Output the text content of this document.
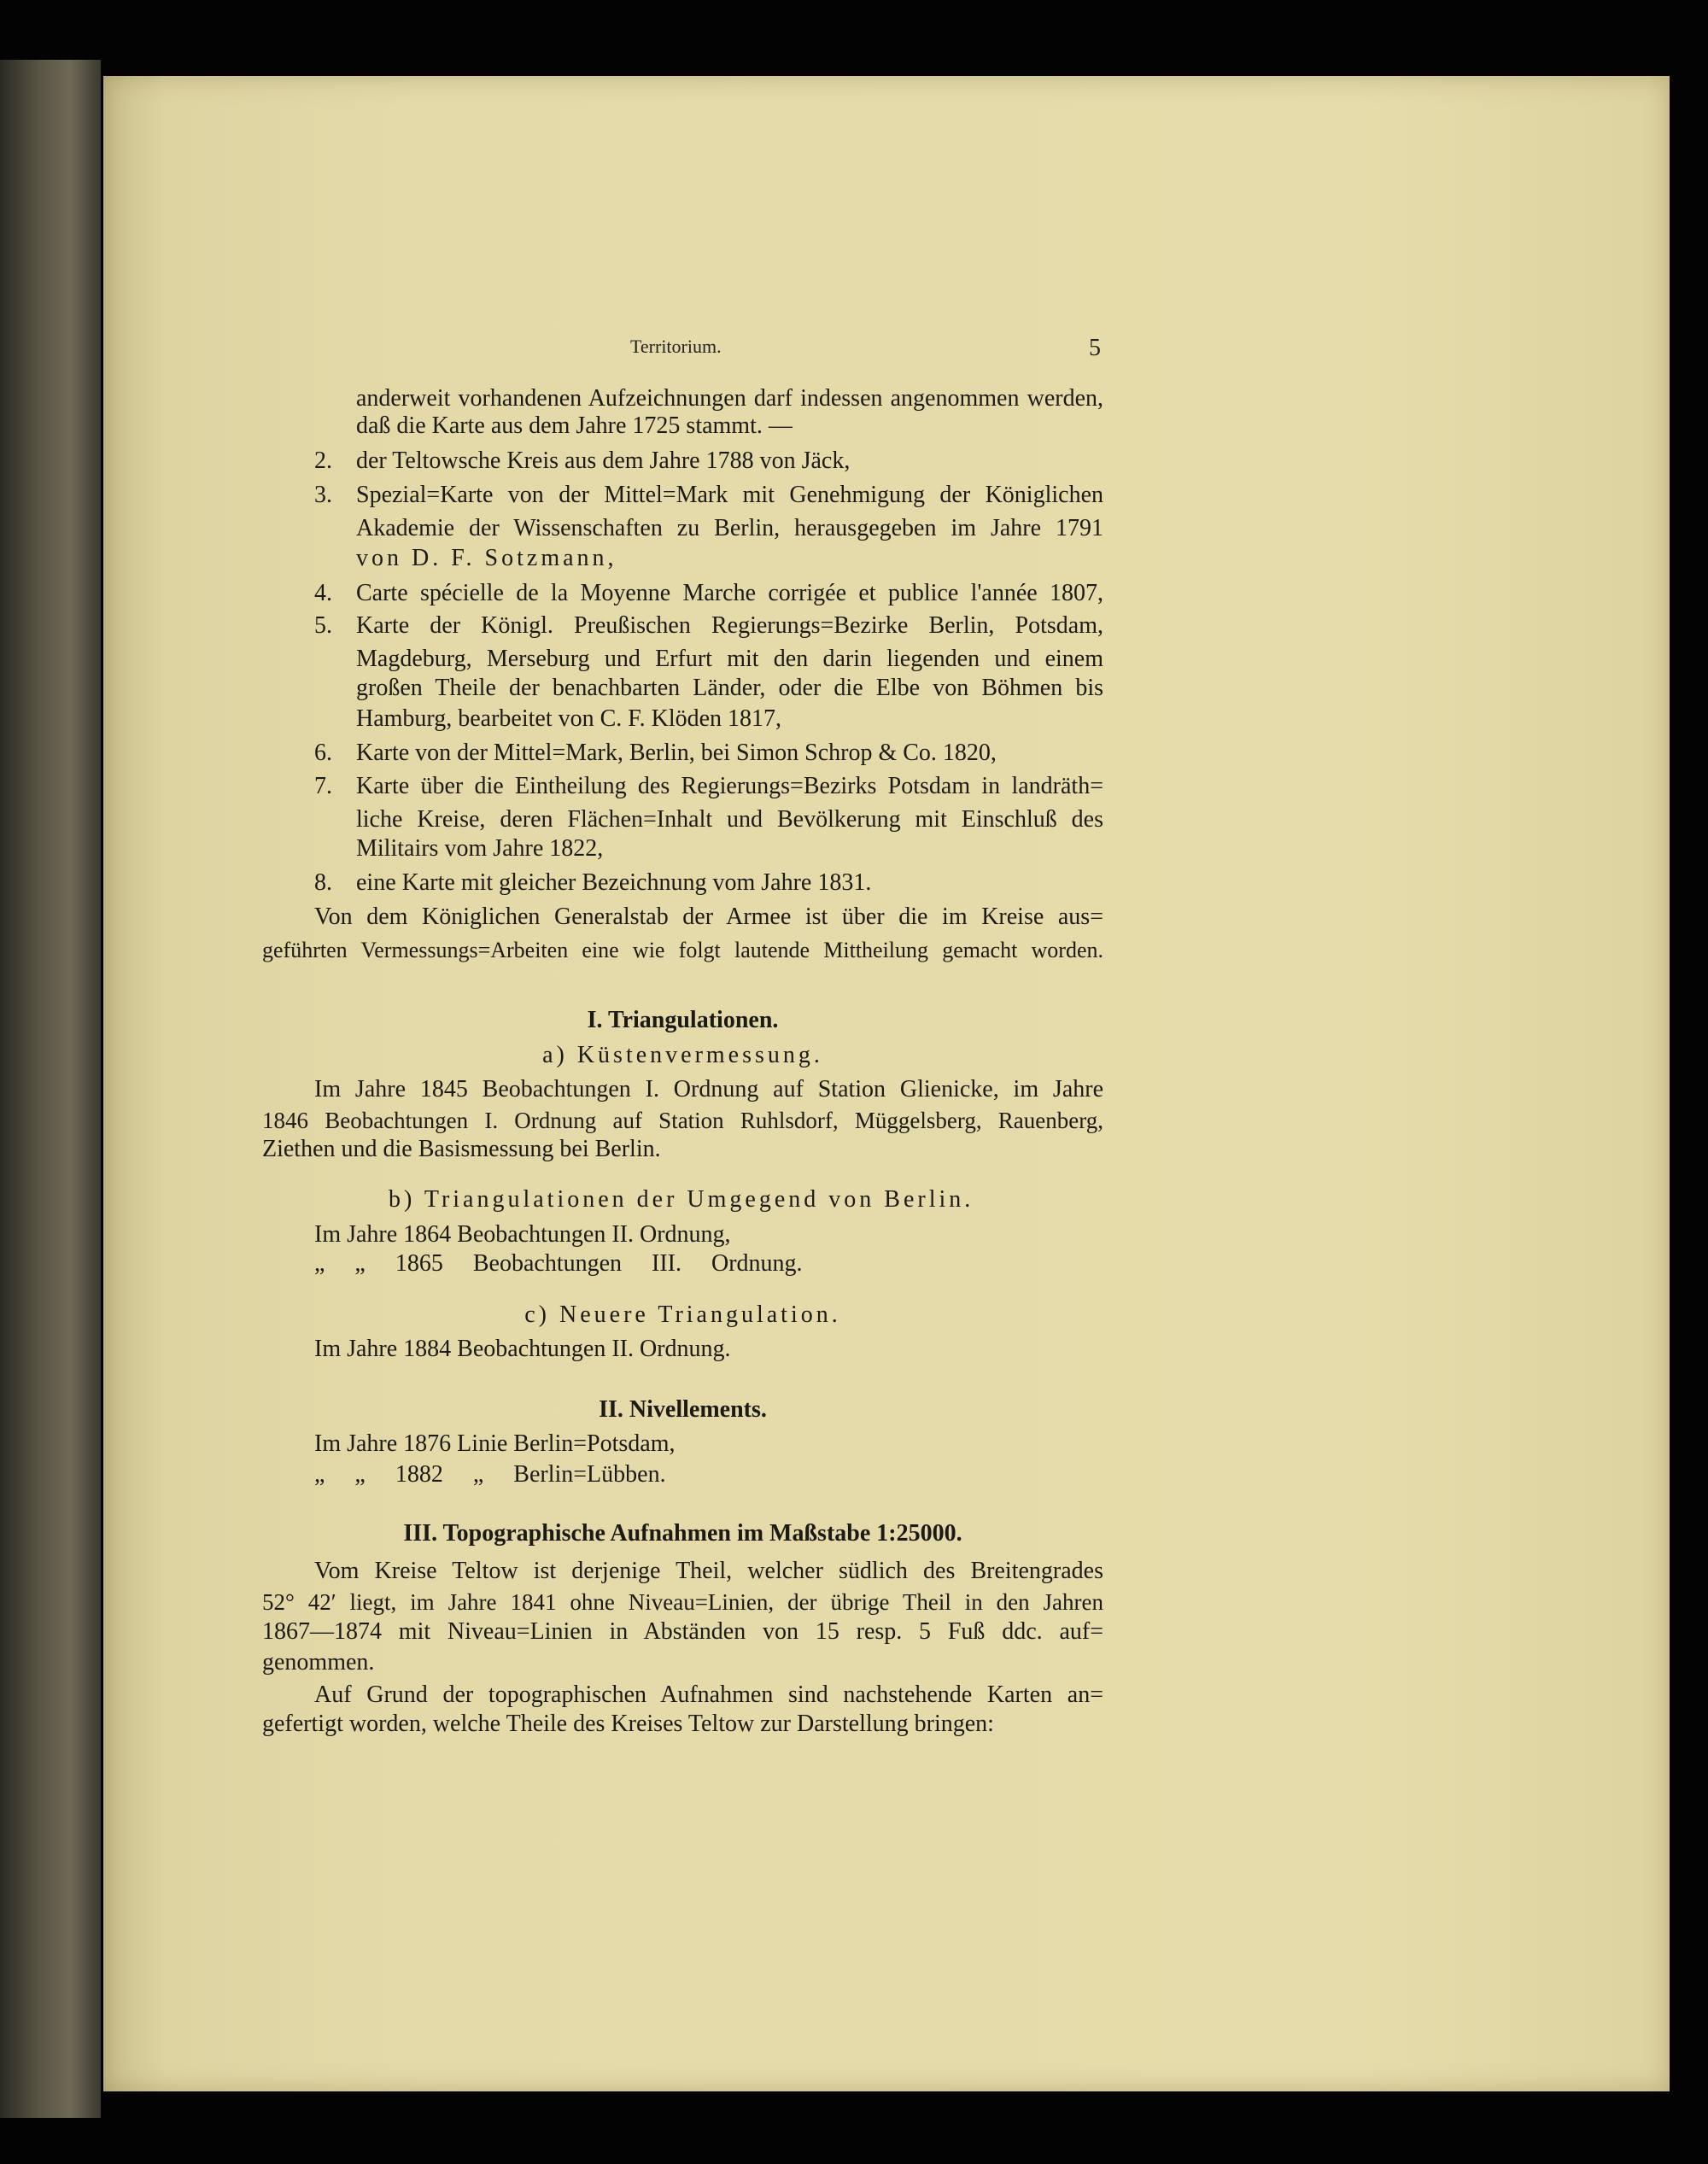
Territorium.	5
anderweit vorhandenen Aufzeichnungen darf indessen angenommen werden,
daß die Karte aus dem Jahre 1725 stammt. —
2. der Teltowsche Kreis aus dem Jahre 1788 von Jäck,
3. Spezial=Karte von der Mittel=Mark mit Genehmigung der Königlichen
Akademie der Wissenschaften zu Berlin, herausgegeben im Jahre 1791
von D. F. Sotzmann,
4. Carte spécielle de la Moyenne Marche corrigée et publice l'année 1807,
5. Karte der Königl. Preußischen Regierungs=Bezirke Berlin, Potsdam,
Magdeburg, Merseburg und Erfurt mit den darin liegenden und einem
großen Theile der benachbarten Länder, oder die Elbe von Böhmen bis
Hamburg, bearbeitet von C. F. Klöden 1817,
6. Karte von der Mittel=Mark, Berlin, bei Simon Schrop & Co. 1820,
7. Karte über die Eintheilung des Regierungs=Bezirks Potsdam in landräth=
liche Kreise, deren Flächen=Inhalt und Bevölkerung mit Einschluß des
Militairs vom Jahre 1822,
8. eine Karte mit gleicher Bezeichnung vom Jahre 1831.
Von dem Königlichen Generalstab der Armee ist über die im Kreise aus=
geführten Vermessungs=Arbeiten eine wie folgt lautende Mittheilung gemacht worden.
I. Triangulationen.
a) Küstenvermessung.
Im Jahre 1845 Beobachtungen I. Ordnung auf Station Glienicke, im Jahre
1846 Beobachtungen I. Ordnung auf Station Ruhlsdorf, Müggelsberg, Rauenberg,
Ziethen und die Basismessung bei Berlin.
b) Triangulationen der Umgegend von Berlin.
Im Jahre 1864 Beobachtungen II. Ordnung,
„ „ 1865 Beobachtungen III. Ordnung.
c) Neuere Triangulation.
Im Jahre 1884 Beobachtungen II. Ordnung.
II. Nivellements.
Im Jahre 1876 Linie Berlin=Potsdam,
„ „ 1882 „ Berlin=Lübben.
III. Topographische Aufnahmen im Maßstabe 1:25000.
Vom Kreise Teltow ist derjenige Theil, welcher südlich des Breitengrades
52° 42′ liegt, im Jahre 1841 ohne Niveau=Linien, der übrige Theil in den Jahren
1867—1874 mit Niveau=Linien in Abständen von 15 resp. 5 Fuß ddc. auf=
genommen.
Auf Grund der topographischen Aufnahmen sind nachstehende Karten an=
gefertigt worden, welche Theile des Kreises Teltow zur Darstellung bringen:
